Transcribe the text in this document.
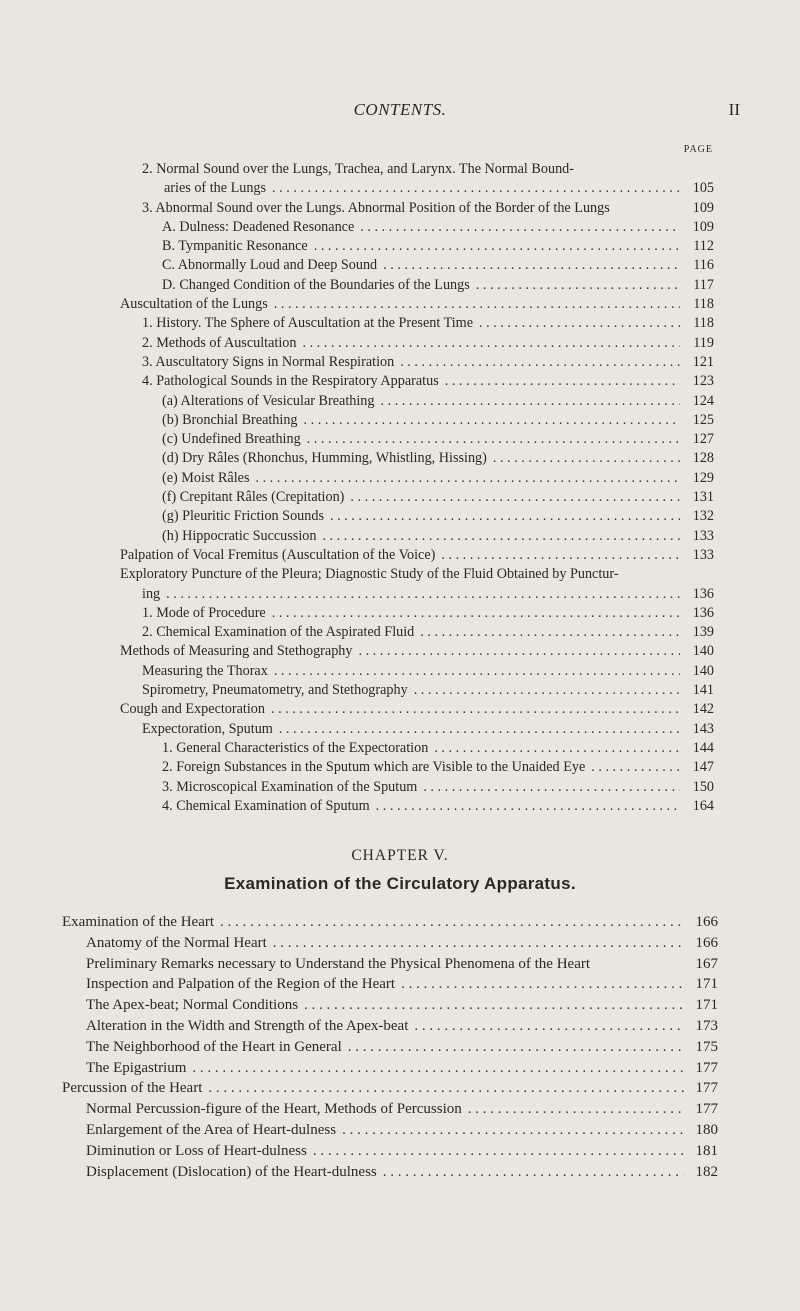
CONTENTS.	II
PAGE
2. Normal Sound over the Lungs, Trachea, and Larynx. The Normal Bound-
aries of the Lungs . . .	105
3. Abnormal Sound over the Lungs. Abnormal Position of the Border of the Lungs	109
A. Dulness: Deadened Resonance . . .	109
B. Tympanitic Resonance . . .	112
C. Abnormally Loud and Deep Sound . . .	116
D. Changed Condition of the Boundaries of the Lungs . . .	117
Auscultation of the Lungs . . .	118
1. History. The Sphere of Auscultation at the Present Time . . .	118
2. Methods of Auscultation . . .	119
3. Auscultatory Signs in Normal Respiration . . .	121
4. Pathological Sounds in the Respiratory Apparatus . . .	123
(a) Alterations of Vesicular Breathing . . .	124
(b) Bronchial Breathing . . .	125
(c) Undefined Breathing . . .	127
(d) Dry Râles (Rhonchus, Humming, Whistling, Hissing) . . .	128
(e) Moist Râles . . .	129
(f) Crepitant Râles (Crepitation) . . .	131
(g) Pleuritic Friction Sounds . . .	132
(h) Hippocratic Succussion . . .	133
Palpation of Vocal Fremitus (Auscultation of the Voice) . . .	133
Exploratory Puncture of the Pleura; Diagnostic Study of the Fluid Obtained by Punctur-
ing . . .	136
1. Mode of Procedure . . .	136
2. Chemical Examination of the Aspirated Fluid . . .	139
Methods of Measuring and Stethography . . .	140
Measuring the Thorax . . .	140
Spirometry, Pneumatometry, and Stethography . . .	141
Cough and Expectoration . . .	142
Expectoration, Sputum . . .	143
1. General Characteristics of the Expectoration . . .	144
2. Foreign Substances in the Sputum which are Visible to the Unaided Eye . . .	147
3. Microscopical Examination of the Sputum . . .	150
4. Chemical Examination of Sputum . . .	164
CHAPTER V.
Examination of the Circulatory Apparatus.
Examination of the Heart . . .	166
Anatomy of the Normal Heart . . .	166
Preliminary Remarks necessary to Understand the Physical Phenomena of the Heart	167
Inspection and Palpation of the Region of the Heart . . .	171
The Apex-beat; Normal Conditions . . .	171
Alteration in the Width and Strength of the Apex-beat . . .	173
The Neighborhood of the Heart in General . . .	175
The Epigastrium . . .	177
Percussion of the Heart . . .	177
Normal Percussion-figure of the Heart, Methods of Percussion . . .	177
Enlargement of the Area of Heart-dulness . . .	180
Diminution or Loss of Heart-dulness . . .	181
Displacement (Dislocation) of the Heart-dulness . . .	182
